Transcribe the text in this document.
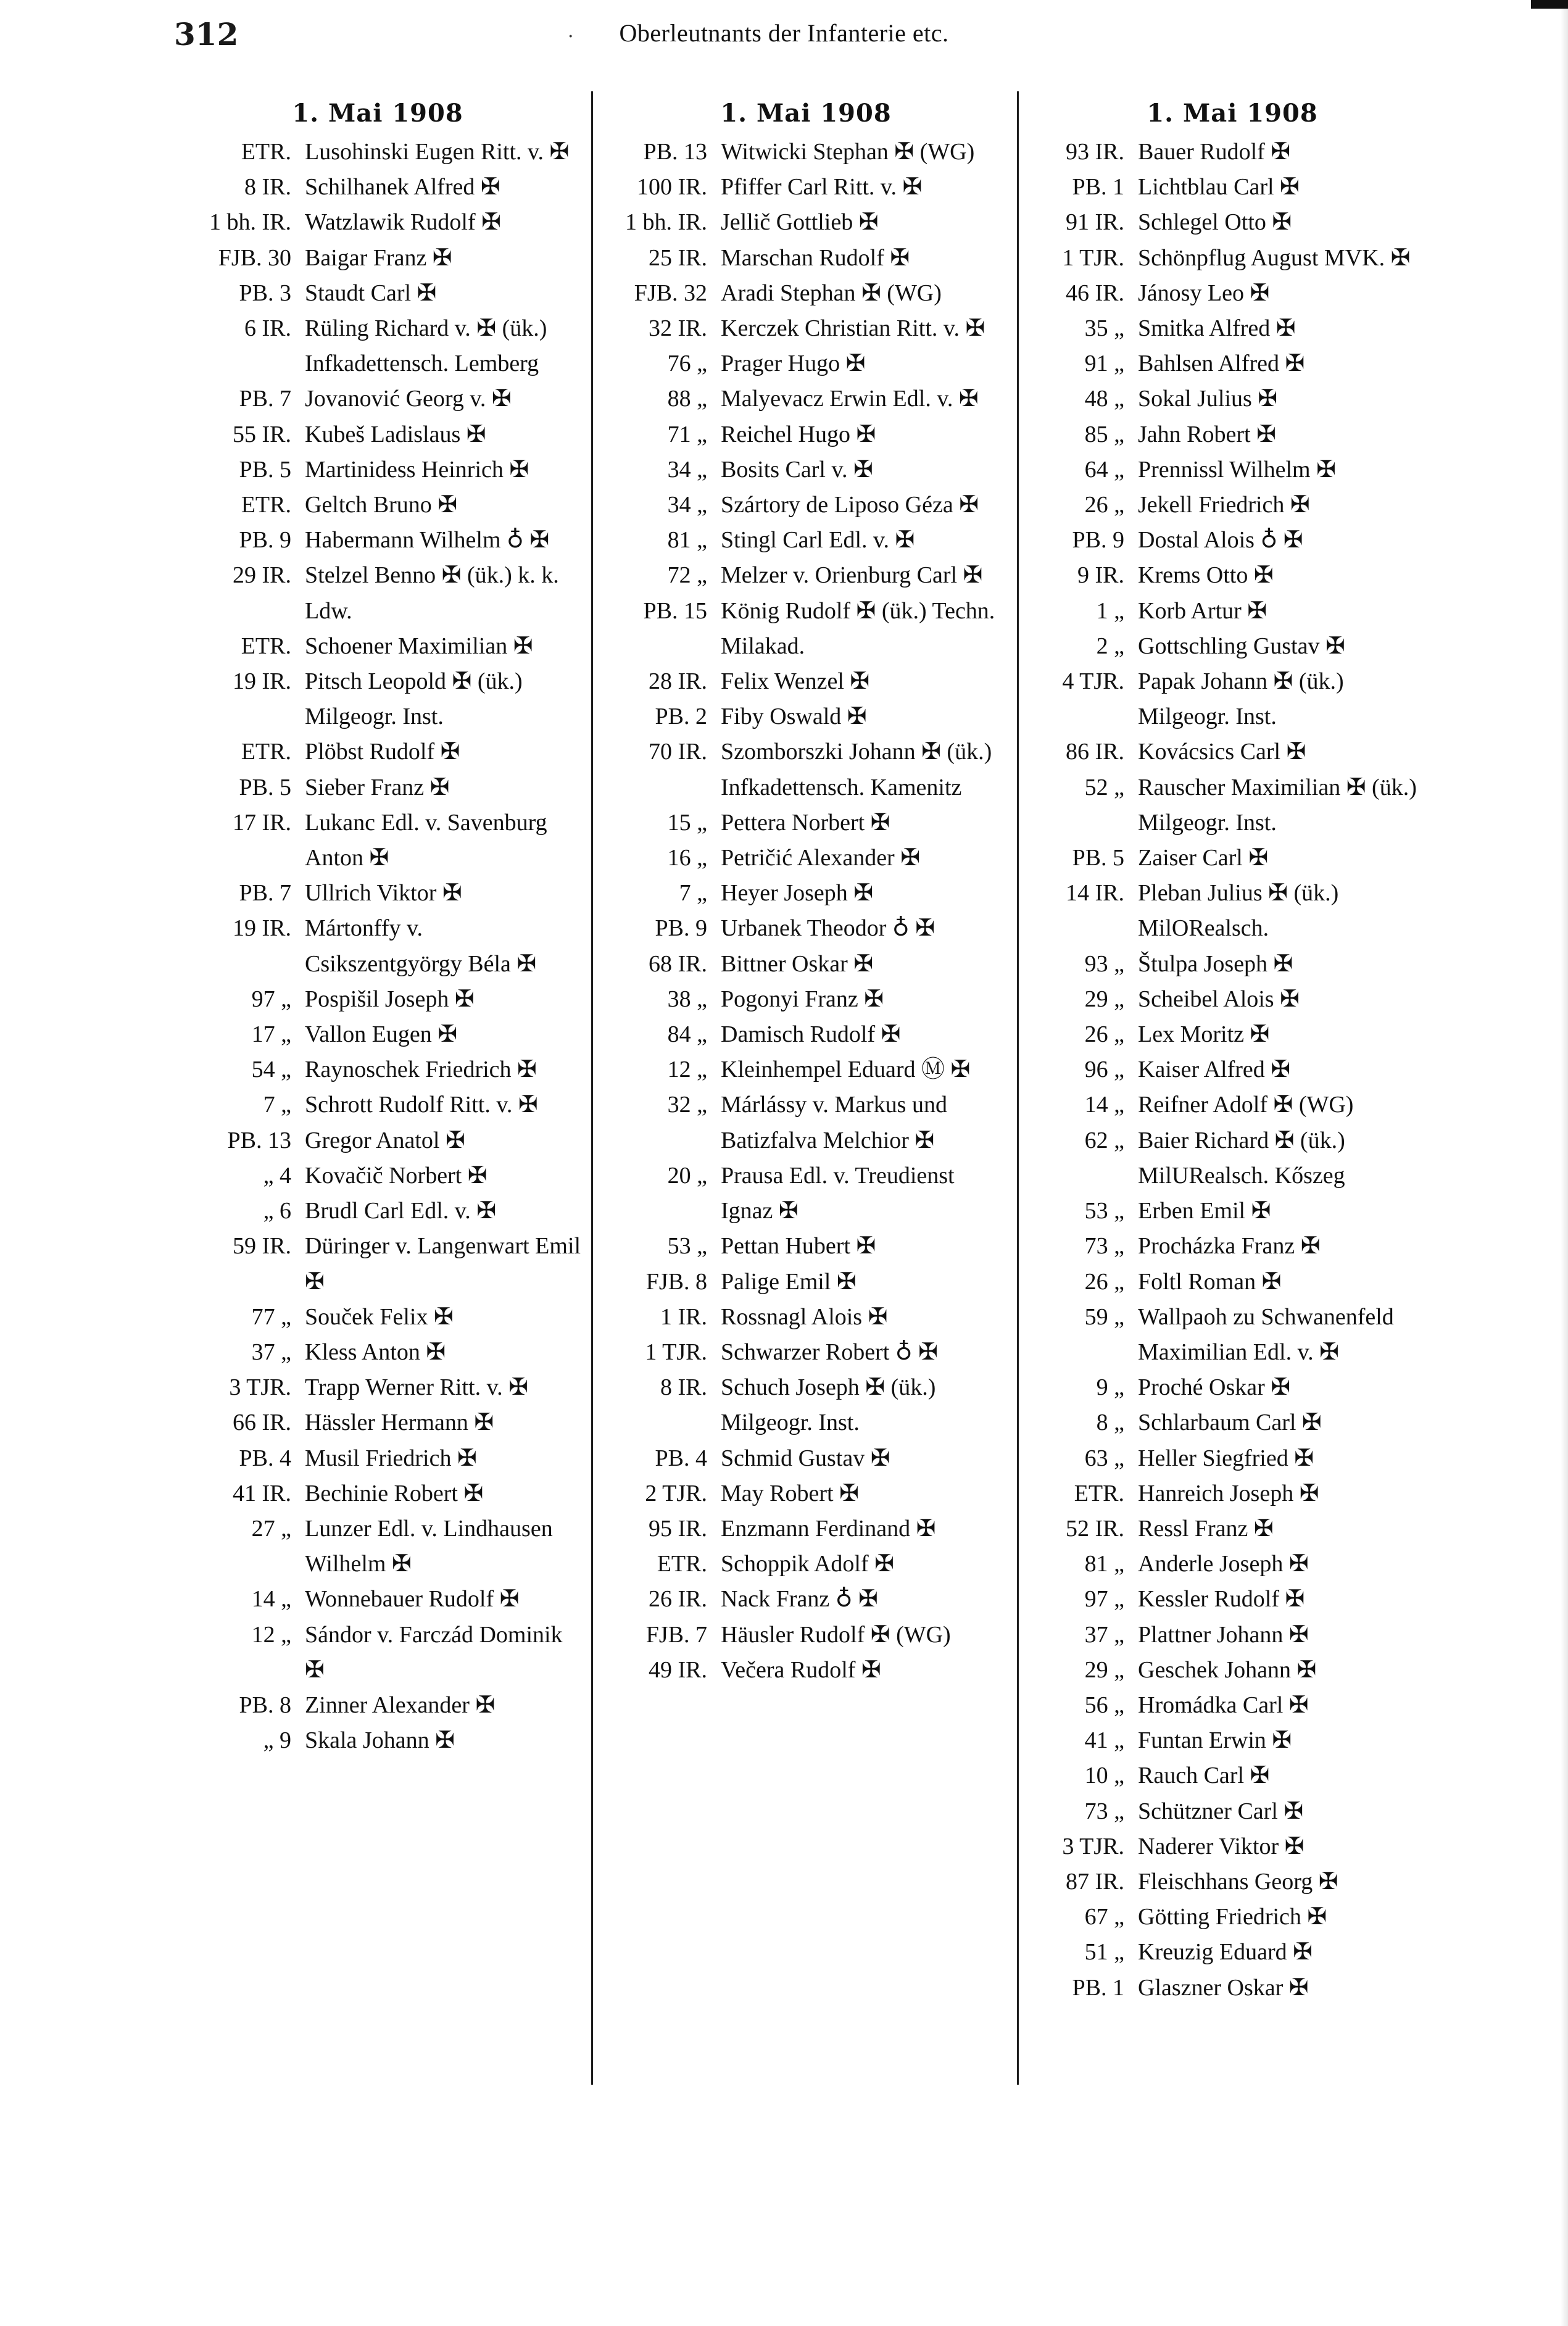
312	·	Oberleutnants der Infanterie etc.
1. Mai 1908
ETR. Lusohinski Eugen Ritt. v. ✠
8 IR. Schilhanek Alfred ✠
1 bh. IR. Watzlawik Rudolf ✠
FJB. 30 Baigar Franz ✠
PB. 3 Staudt Carl ✠
6 IR. Rüling Richard v. ✠ (ük.) Infkadettensch. Lemberg
PB. 7 Jovanović Georg v. ✠
55 IR. Kubeš Ladislaus ✠
PB. 5 Martinidess Heinrich ✠
ETR. Geltch Bruno ✠
PB. 9 Habermann Wilhelm ♁ ✠
29 IR. Stelzel Benno ✠ (ük.) k. k. Ldw.
ETR. Schoener Maximilian ✠
19 IR. Pitsch Leopold ✠ (ük.) Milgeogr. Inst.
ETR. Plöbst Rudolf ✠
PB. 5 Sieber Franz ✠
17 IR. Lukanc Edl. v. Savenburg Anton ✠
PB. 7 Ullrich Viktor ✠
19 IR. Mártonffy v. Csikszentgyörgy Béla ✠
97 „ Pospišil Joseph ✠
17 „ Vallon Eugen ✠
54 „ Raynoschek Friedrich ✠
7 „ Schrott Rudolf Ritt. v. ✠
PB. 13 Gregor Anatol ✠
„ 4 Kovačič Norbert ✠
„ 6 Brudl Carl Edl. v. ✠
59 IR. Düringer v. Langenwart Emil ✠
77 „ Souček Felix ✠
37 „ Kless Anton ✠
3 TJR. Trapp Werner Ritt. v. ✠
66 IR. Hässler Hermann ✠
PB. 4 Musil Friedrich ✠
41 IR. Bechinie Robert ✠
27 „ Lunzer Edl. v. Lindhausen Wilhelm ✠
14 „ Wonnebauer Rudolf ✠
12 „ Sándor v. Farczád Dominik ✠
PB. 8 Zinner Alexander ✠
„ 9 Skala Johann ✠
1. Mai 1908
PB. 13 Witwicki Stephan ✠ (WG)
100 IR. Pfiffer Carl Ritt. v. ✠
1 bh. IR. Jellič Gottlieb ✠
25 IR. Marschan Rudolf ✠
FJB. 32 Aradi Stephan ✠ (WG)
32 IR. Kerczek Christian Ritt. v. ✠
76 „ Prager Hugo ✠
88 „ Malyevacz Erwin Edl. v. ✠
71 „ Reichel Hugo ✠
34 „ Bosits Carl v. ✠
34 „ Szártory de Liposo Géza ✠
81 „ Stingl Carl Edl. v. ✠
72 „ Melzer v. Orienburg Carl ✠
PB. 15 König Rudolf ✠ (ük.) Techn. Milakad.
28 IR. Felix Wenzel ✠
PB. 2 Fiby Oswald ✠
70 IR. Szomborszki Johann ✠ (ük.) Infkadettensch. Kamenitz
15 „ Pettera Norbert ✠
16 „ Petričić Alexander ✠
7 „ Heyer Joseph ✠
PB. 9 Urbanek Theodor ♁ ✠
68 IR. Bittner Oskar ✠
38 „ Pogonyi Franz ✠
84 „ Damisch Rudolf ✠
12 „ Kleinhempel Eduard Ⓜ ✠
32 „ Márlássy v. Markus und Batizfalva Melchior ✠
20 „ Prausa Edl. v. Treudienst Ignaz ✠
53 „ Pettan Hubert ✠
FJB. 8 Palige Emil ✠
1 IR. Rossnagl Alois ✠
1 TJR. Schwarzer Robert ♁ ✠
8 IR. Schuch Joseph ✠ (ük.) Milgeogr. Inst.
PB. 4 Schmid Gustav ✠
2 TJR. May Robert ✠
95 IR. Enzmann Ferdinand ✠
ETR. Schoppik Adolf ✠
26 IR. Nack Franz ♁ ✠
FJB. 7 Häusler Rudolf ✠ (WG)
49 IR. Večera Rudolf ✠
1. Mai 1908
93 IR. Bauer Rudolf ✠
PB. 1 Lichtblau Carl ✠
91 IR. Schlegel Otto ✠
1 TJR. Schönpflug August MVK. ✠
46 IR. Jánosy Leo ✠
35 „ Smitka Alfred ✠
91 „ Bahlsen Alfred ✠
48 „ Sokal Julius ✠
85 „ Jahn Robert ✠
64 „ Prennissl Wilhelm ✠
26 „ Jekell Friedrich ✠
PB. 9 Dostal Alois ♁ ✠
9 IR. Krems Otto ✠
1 „ Korb Artur ✠
2 „ Gottschling Gustav ✠
4 TJR. Papak Johann ✠ (ük.) Milgeogr. Inst.
86 IR. Kovácsics Carl ✠
52 „ Rauscher Maximilian ✠ (ük.) Milgeogr. Inst.
PB. 5 Zaiser Carl ✠
14 IR. Pleban Julius ✠ (ük.) MilORealsch.
93 „ Štulpa Joseph ✠
29 „ Scheibel Alois ✠
26 „ Lex Moritz ✠
96 „ Kaiser Alfred ✠
14 „ Reifner Adolf ✠ (WG)
62 „ Baier Richard ✠ (ük.) MilURealsch. Kőszeg
53 „ Erben Emil ✠
73 „ Procházka Franz ✠
26 „ Foltl Roman ✠
59 „ Wallpaoh zu Schwanenfeld Maximilian Edl. v. ✠
9 „ Proché Oskar ✠
8 „ Schlarbaum Carl ✠
63 „ Heller Siegfried ✠
ETR. Hanreich Joseph ✠
52 IR. Ressl Franz ✠
81 „ Anderle Joseph ✠
97 „ Kessler Rudolf ✠
37 „ Plattner Johann ✠
29 „ Geschek Johann ✠
56 „ Hromádka Carl ✠
41 „ Funtan Erwin ✠
10 „ Rauch Carl ✠
73 „ Schützner Carl ✠
3 TJR. Naderer Viktor ✠
87 IR. Fleischhans Georg ✠
67 „ Götting Friedrich ✠
51 „ Kreuzig Eduard ✠
PB. 1 Glaszner Oskar ✠
